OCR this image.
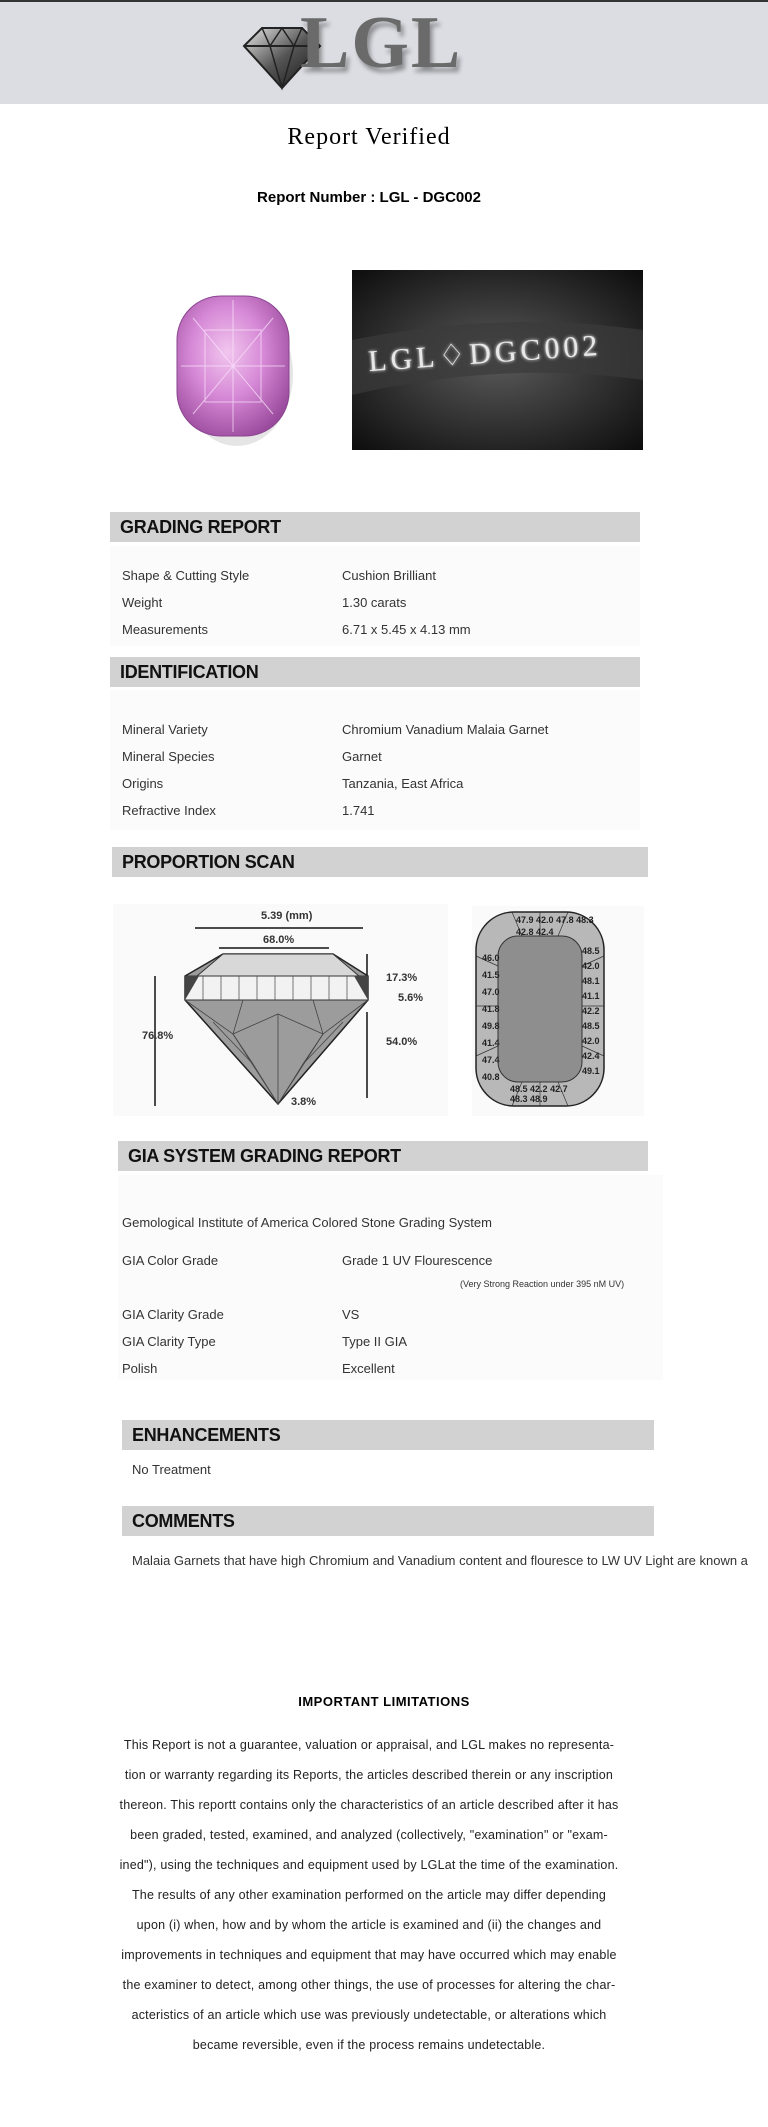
LGL
Report Verified
Report Number : LGL - DGC002
LGL♢DGC002
GRADING REPORT
Shape & Cutting Style	Cushion Brilliant
Weight	1.30 carats
Measurements	6.71 x 5.45 x 4.13 mm
IDENTIFICATION
Mineral Variety	Chromium Vanadium Malaia Garnet
Mineral Species	Garnet
Origins	Tanzania, East Africa
Refractive Index	1.741
PROPORTION SCAN
5.39 (mm)
68.0%
17.3%
5.6%
76.8%	54.0%
3.8%
47.9 42.0 47.8 48.3
42.8 42.4
46.0
41.5
47.0
41.8
49.8
41.4
47.4
40.8
48.5
42.0
48.1
41.1
42.2
48.5
42.0
42.4
49.1
48.5 42.2 42.7
48.3 48.9
GIA SYSTEM GRADING REPORT
Gemological Institute of America Colored Stone Grading System
GIA Color Grade	Grade 1 UV Flourescence
(Very Strong Reaction under 395 nM UV)
GIA Clarity Grade	VS
GIA Clarity Type	Type II GIA
Polish	Excellent
ENHANCEMENTS
No Treatment
COMMENTS
Malaia Garnets that have high Chromium and Vanadium content and flouresce to LW UV Light are known a
IMPORTANT LIMITATIONS
This Report is not a guarantee, valuation or appraisal, and LGL makes no representa-
tion or warranty regarding its Reports, the articles described therein or any inscription
thereon. This reportt contains only the characteristics of an article described after it has
been graded, tested, examined, and analyzed (collectively, "examination" or "exam-
ined"), using the techniques and equipment used by LGLat the time of the examination.
The results of any other examination performed on the article may differ depending
upon (i) when, how and by whom the article is examined and (ii) the changes and
improvements in techniques and equipment that may have occurred which may enable
the examiner to detect, among other things, the use of processes for altering the char-
acteristics of an article which use was previously undetectable, or alterations which
became reversible, even if the process remains undetectable.
